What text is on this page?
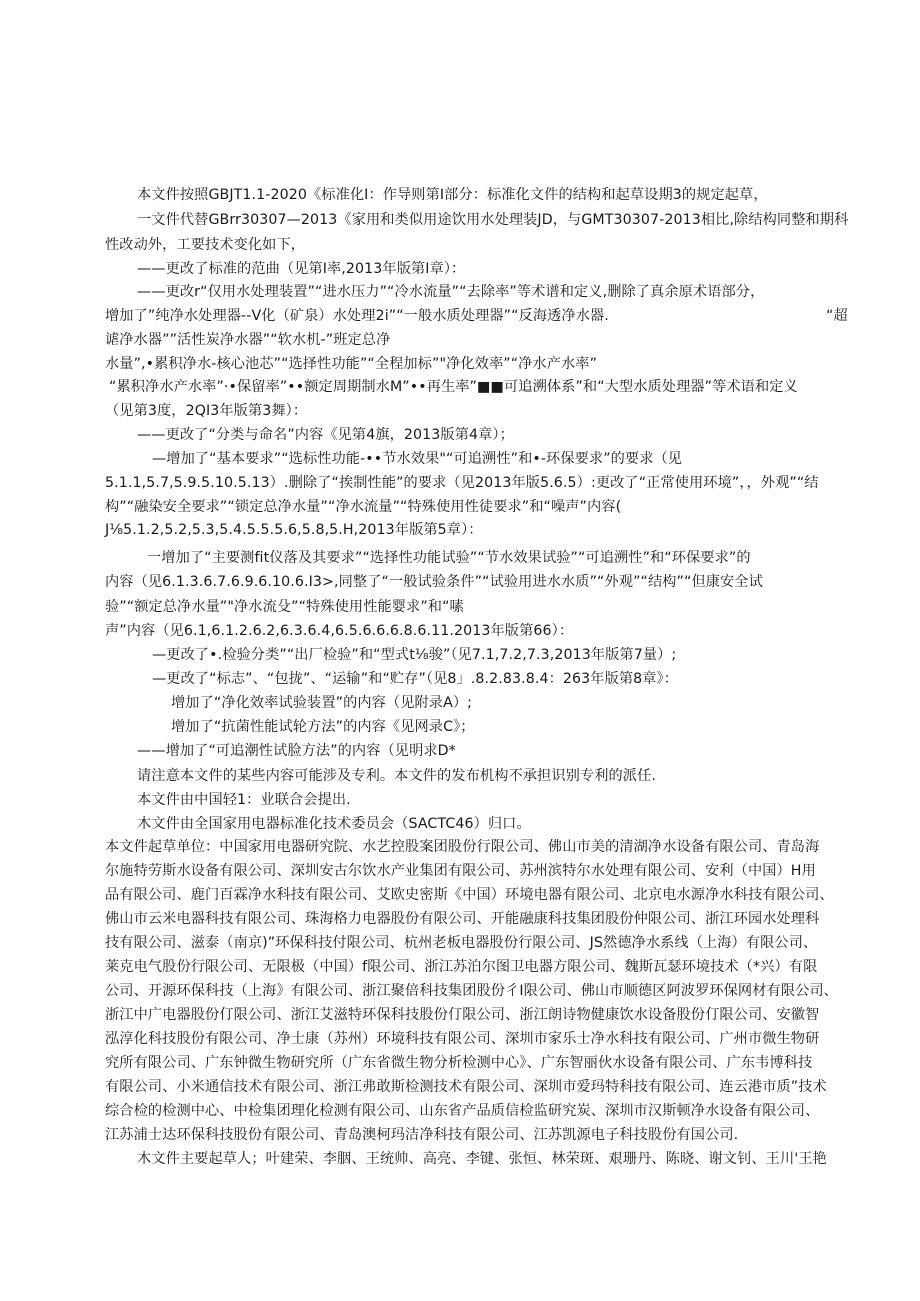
本文件按照GBJT1.1-2020《标准化I：作导则第I部分：标准化文件的结构和起草设期3的规定起草，
一文件代替GBrr30307—2013《家用和类似用途饮用水处理装JD，与GMT30307-2013相比,除结构同整和期科
性改动外，工要技术变化如下，
——更改了标准的范曲（见第I率,2013年版第I章）：
——更改r“仅用水处理装置”“进水压力”“冷水流量”“去除率”等术谱和定义,删除了真余原术语部分，
增加了”纯净水处理器--V化（矿泉）水处理2i”“一般水质处理器”“反海透净水器.	“超
谑净水器””活性炭净水器”“软水机-”班定总净
水量”,•累积净水-核心池芯”“选择性功能”“全程加标”"净化效率”“净水产水率”
“累积净水产水率”·•保留率”••额定周期制水M”••再生率”■■可追溯体系”和“大型水质处理器”等术语和定义
（见第3度，2QI3年版第3舞）：
——更改了“分类与命名”内容《见第4旗，2013版第4章）；
—增加了“基本要求”“选标性功能-••节水效果"“可追溯性”和•-环保要求”的要求（见
5.1.1,5.7,5.9.5.10.5.13）.删除了“挨制性能”的要求（见2013年版5.6.5）:更改了“正常使用环境”，，外观”“结
构”“融染安全要求”“锁定总净水量”“净水流量”“特殊使用性徒要求”和“噪声”内容(
J⅛5.1.2,5.2,5.3,5.4.5.5.5.6,5.8,5.H,2013年版第5章）：
一增加了“主要测fit仪落及其要求”“选择性功能试验”“节水效果试验”“可追溯性”和“环保要求”的
内容（见6.1.3.6.7.6.9.6.10.6.I3>,同整了“一般试验条件”“试验用进水水质”“外观”“结构”“但康安全试
验”“额定总净水量”"净水流殳”“特殊使用性能婴求”和“嗉
声”内容（见6.1,6.1.2.6.2,6.3.6.4,6.5.6.6.6.8.6.11.2013年版第66）：
—更改了•.检验分类”“出厂检验”和“型式t⅛骏”（见7.1,7.2,7.3,2013年版第7量）;
—更改了“标志”、“包拢”、“运输”和“贮存”（见8」.8.2.83.8.4：263年版第8章》：
增加了“净化效率试验装置”的内容（见附录A）;
增加了“抗菌性能试轮方法”的内容《见网录C》；
——增加了“可追潮性试脸方法”的内容（见明求D*
请注意本文件的某些内容可能涉及专利。本文件的发布机构不承担识别专利的派任.
本文件由中国轻1：业联合会提出.
木文件由全国家用电器标准化技术委员会（SACTC46）归口。
本文件起草单位：中国家用电器研究院、水艺控股案团股份行限公司、佛山市美的清湖净水设备有限公司、青岛海
尔施特劳斯水设备有限公司、深圳安古尔饮水产业集团有限公司、苏州滨特尔水处理有限公司、安利（中国）H用
品有限公司、鹿门百霖净水科技有限公司、艾欧史密斯《中国）环境电器有限公司、北京电水源净水科技有限公司、
佛山市云米电器科技有限公司、珠海格力电器股份有限公司、开能融康科技集团股份仲限公司、浙江环园水处理科
技有限公司、滋泰（南京)”环保科技付限公司、杭州老板电器股份行限公司、JS然德净水系线（上海）有限公司、
莱克电气股份行限公司、无限极（中国）f限公司、浙江苏泊尔图卫电器方限公司、魏斯瓦瑟环境技术（*兴）有限
公司、开源环保科技（上海》有限公司、浙江聚倍科技集团股份彳I限公司、佛山市顺德区阿波罗环保网材有限公司、
浙江中广电器股份仃限公司、浙江艾滋特环保科技股份仃限公司、浙江朗诗物健康饮水设备股份仃限公司、安徽智
泓淳化科技股份有限公司、净士康（苏州）环境科技有限公司、深圳市家乐士净水科技有限公司、广州市微生物研
究所有限公司、广东钟微生物研究所（广东省微生物分析检测中心》、广东智丽伙水设备有限公司、广东韦博科技
有限公司、小米通信技术有限公司、浙江弗敢斯检测技术有限公司、深圳市爱玛特科技有限公司、连云港市质”技术
综合检的检测中心、中检集团理化检测有限公司、山东省产品质信检监研究炭、深圳市汉斯顿净水设备有限公司、
江苏浦士达环保科技股份有限公司、青岛澳柯玛洁净科技有限公司、江苏凯源电子科技股份有国公司.
木文件主要起草人；叶建荣、李胭、王统帅、高亮、李键、张恒、林荣斑、艰珊丹、陈晓、谢文钊、王川'王艳
